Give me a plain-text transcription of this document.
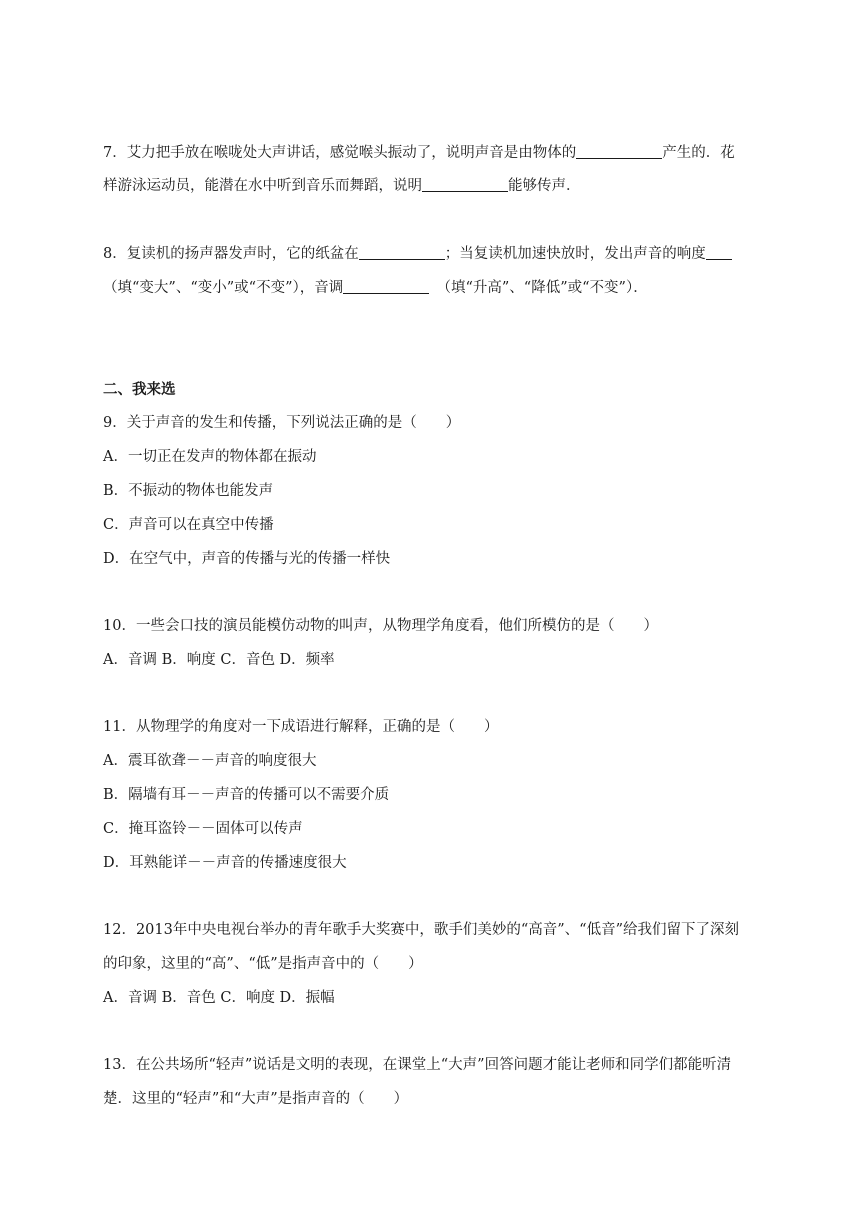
7．艾力把手放在喉咙处大声讲话，感觉喉头振动了，说明声音是由物体的	产生的．花
样游泳运动员，能潜在水中听到音乐而舞蹈，说明	能够传声．
8．复读机的扬声器发声时，它的纸盆在	；当复读机加速快放时，发出声音的响度
（填“变大”、“变小”或“不变”），音调　	（填“升高”、“降低”或“不变”）．
二、我来选
9．关于声音的发生和传播，下列说法正确的是（　　）
A．一切正在发声的物体都在振动
B．不振动的物体也能发声
C．声音可以在真空中传播
D．在空气中，声音的传播与光的传播一样快
10．一些会口技的演员能模仿动物的叫声，从物理学角度看，他们所模仿的是（　　）
A．音调 B．响度 C．音色 D．频率
11．从物理学的角度对一下成语进行解释，正确的是（　　）
A．震耳欲聋－－声音的响度很大
B．隔墙有耳－－声音的传播可以不需要介质
C．掩耳盗铃－－固体可以传声
D．耳熟能详－－声音的传播速度很大
12．2013年中央电视台举办的青年歌手大奖赛中，歌手们美妙的“高音”、“低音”给我们留下了深刻
的印象，这里的“高”、“低”是指声音中的（　　）
A．音调 B．音色 C．响度 D．振幅
13．在公共场所“轻声”说话是文明的表现，在课堂上“大声”回答问题才能让老师和同学们都能听清
楚．这里的“轻声”和“大声”是指声音的（　　）
